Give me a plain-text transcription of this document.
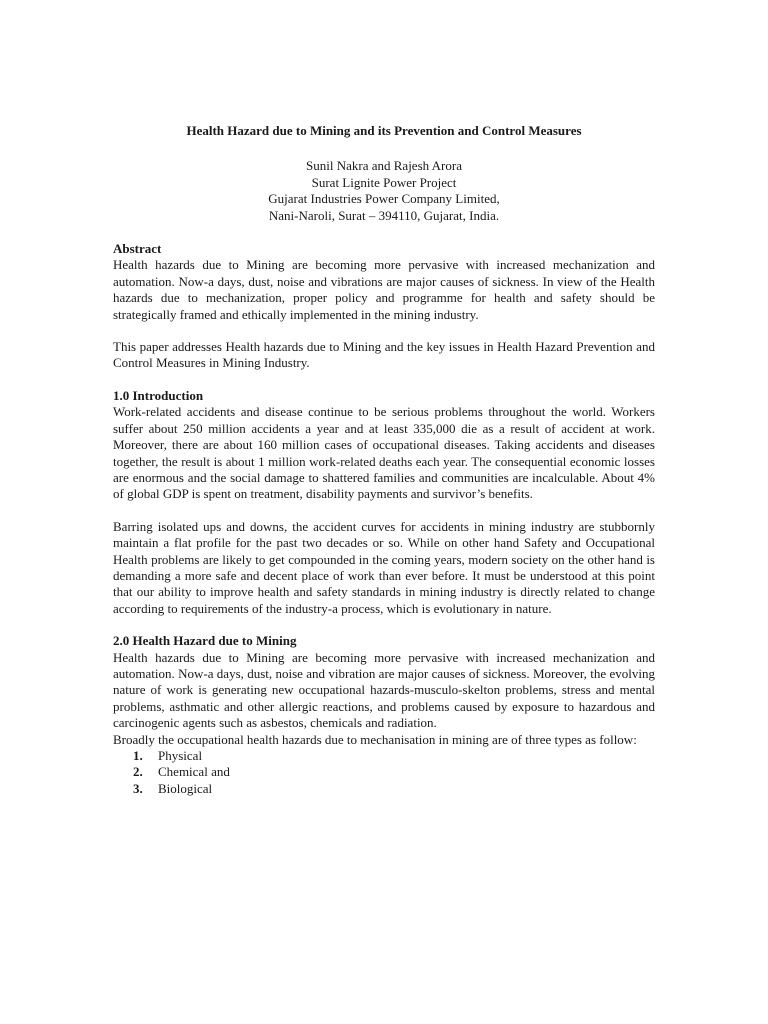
Health Hazard due to Mining and its Prevention and Control Measures
Sunil Nakra and Rajesh Arora
Surat Lignite Power Project
Gujarat Industries Power Company Limited,
Nani-Naroli, Surat – 394110, Gujarat, India.
Abstract

Health hazards due to Mining are becoming more pervasive with increased mechanization and automation. Now-a days, dust, noise and vibrations are major causes of sickness. In view of the Health hazards due to mechanization, proper policy and programme for health and safety should be strategically framed and ethically implemented in the mining industry.

This paper addresses Health hazards due to Mining and the key issues in Health Hazard Prevention and Control Measures in Mining Industry.

1.0 Introduction

Work-related accidents and disease continue to be serious problems throughout the world. Workers suffer about 250 million accidents a year and at least 335,000 die as a result of accident at work. Moreover, there are about 160 million cases of occupational diseases. Taking accidents and diseases together, the result is about 1 million work-related deaths each year. The consequential economic losses are enormous and the social damage to shattered families and communities are incalculable. About 4% of global GDP is spent on treatment, disability payments and survivor’s benefits.

Barring isolated ups and downs, the accident curves for accidents in mining industry are stubbornly maintain a flat profile for the past two decades or so. While on other hand Safety and Occupational Health problems are likely to get compounded in the coming years, modern society on the other hand is demanding a more safe and decent place of work than ever before. It must be understood at this point that our ability to improve health and safety standards in mining industry is directly related to change according to requirements of the industry-a process, which is evolutionary in nature.

2.0 Health Hazard due to Mining

Health hazards due to Mining are becoming more pervasive with increased mechanization and automation. Now-a days, dust, noise and vibration are major causes of sickness. Moreover, the evolving nature of work is generating new occupational hazards-musculo-skelton problems, stress and mental problems, asthmatic and other allergic reactions, and problems caused by exposure to hazardous and carcinogenic agents such as asbestos, chemicals and radiation.

Broadly the occupational health hazards due to mechanisation in mining are of three types as follow:

1.	Physical
2.	Chemical and
3.	Biological
